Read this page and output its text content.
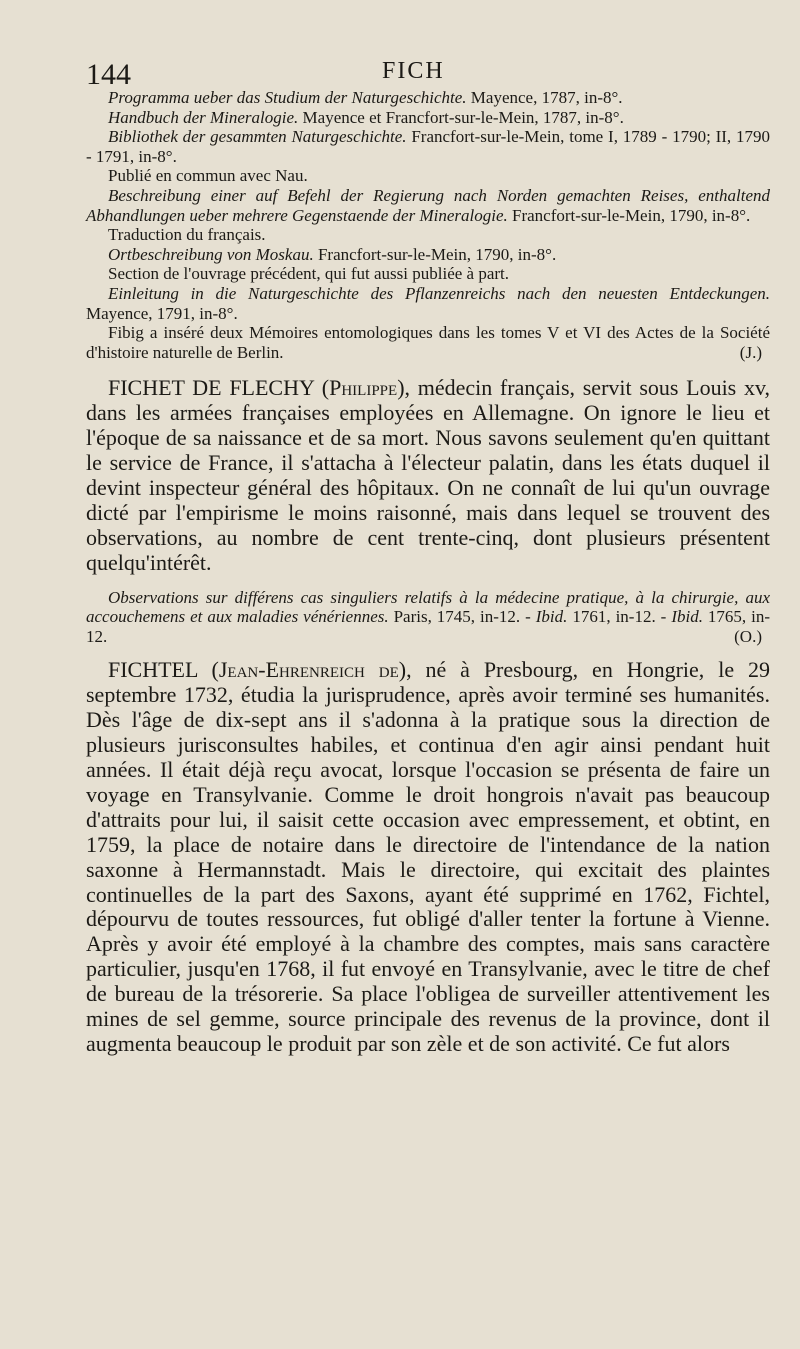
144	FICH

Programma ueber das Studium der Naturgeschichte. Mayence, 1787, in-8°.

Handbuch der Mineralogie. Mayence et Francfort-sur-le-Mein, 1787, in-8°.

Bibliothek der gesammten Naturgeschichte. Francfort-sur-le-Mein, tome I, 1789 - 1790; II, 1790 - 1791, in-8°.

Publié en commun avec Nau.

Beschreibung einer auf Befehl der Regierung nach Norden gemachten Reises, enthaltend Abhandlungen ueber mehrere Gegenstaende der Mineralogie. Francfort-sur-le-Mein, 1790, in-8°.

Traduction du français.

Ortbeschreibung von Moskau. Francfort-sur-le-Mein, 1790, in-8°.

Section de l'ouvrage précédent, qui fut aussi publiée à part.

Einleitung in die Naturgeschichte des Pflanzenreichs nach den neuesten Entdeckungen. Mayence, 1791, in-8°.

Fibig a inséré deux Mémoires entomologiques dans les tomes V et VI des Actes de la Société d'histoire naturelle de Berlin.	(J.)

FICHET DE FLECHY (Philippe), médecin français, servit sous Louis xv, dans les armées françaises employées en Allemagne. On ignore le lieu et l'époque de sa naissance et de sa mort. Nous savons seulement qu'en quittant le service de France, il s'attacha à l'électeur palatin, dans les états duquel il devint inspecteur général des hôpitaux. On ne connaît de lui qu'un ouvrage dicté par l'empirisme le moins raisonné, mais dans lequel se trouvent des observations, au nombre de cent trente-cinq, dont plusieurs présentent quelqu'intérêt.

Observations sur différens cas singuliers relatifs à la médecine pratique, à la chirurgie, aux accouchemens et aux maladies vénériennes. Paris, 1745, in-12. - Ibid. 1761, in-12. - Ibid. 1765, in-12.	(O.)

FICHTEL (Jean-Ehrenreich de), né à Presbourg, en Hongrie, le 29 septembre 1732, étudia la jurisprudence, après avoir terminé ses humanités. Dès l'âge de dix-sept ans il s'adonna à la pratique sous la direction de plusieurs jurisconsultes habiles, et continua d'en agir ainsi pendant huit années. Il était déjà reçu avocat, lorsque l'occasion se présenta de faire un voyage en Transylvanie. Comme le droit hongrois n'avait pas beaucoup d'attraits pour lui, il saisit cette occasion avec empressement, et obtint, en 1759, la place de notaire dans le directoire de l'intendance de la nation saxonne à Hermannstadt. Mais le directoire, qui excitait des plaintes continuelles de la part des Saxons, ayant été supprimé en 1762, Fichtel, dépourvu de toutes ressources, fut obligé d'aller tenter la fortune à Vienne. Après y avoir été employé à la chambre des comptes, mais sans caractère particulier, jusqu'en 1768, il fut envoyé en Transylvanie, avec le titre de chef de bureau de la trésorerie. Sa place l'obligea de surveiller attentivement les mines de sel gemme, source principale des revenus de la province, dont il augmenta beaucoup le produit par son zèle et de son activité. Ce fut alors
